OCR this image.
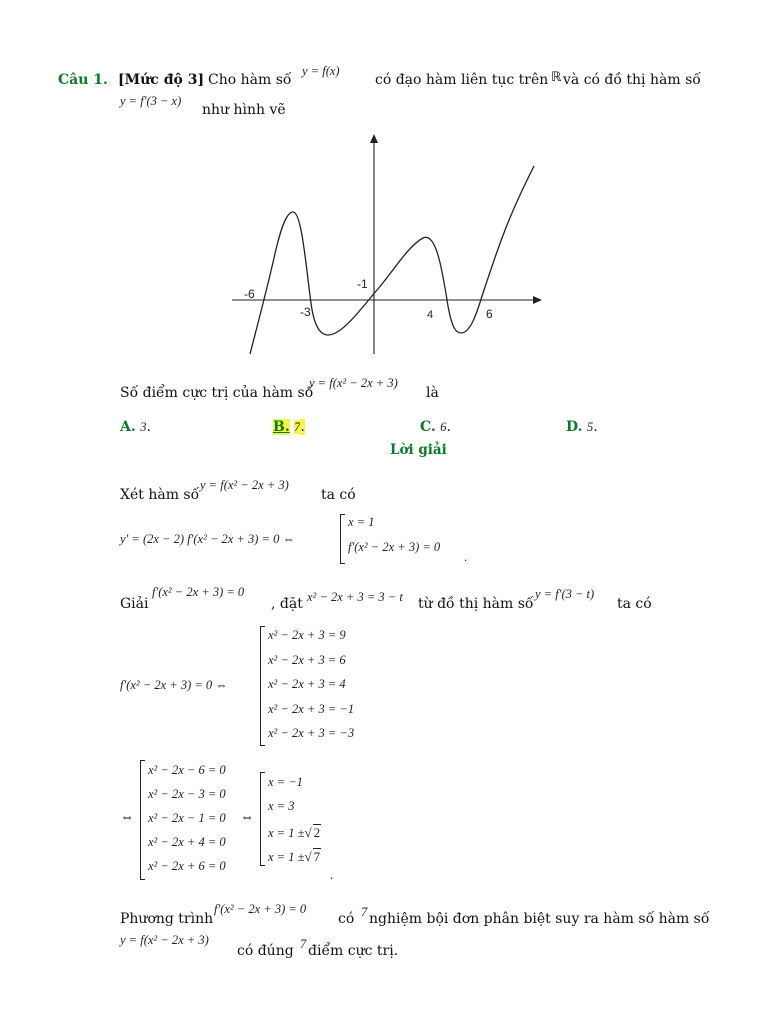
Câu 1. [Mức độ 3] Cho hàm số
y = f(x)
có đạo hàm liên tục trên ℝ và có đồ thị hàm số
y = f′(3 − x)
như hình vẽ
-6
-3	4	6
-1
Số điểm cực trị của hàm số
y = f(x² − 2x + 3)
là
A. 3.	B. 7.	C. 6.	D. 5.
Lời giải
Xét hàm số
y = f(x² − 2x + 3)
ta có
y′ = (2x − 2) f′(x² − 2x + 3) = 0 ⇔
x = 1
f′(x² − 2x + 3) = 0
.
Giải
f′(x² − 2x + 3) = 0
, đặt x² − 2x + 3 = 3 − t từ đồ thị hàm số
y = f′(3 − t)
ta có
f′(x² − 2x + 3) = 0 ⇔
x² − 2x + 3 = 9
x² − 2x + 3 = 6
x² − 2x + 3 = 4
x² − 2x + 3 = −1
x² − 2x + 3 = −3
⇔
x² − 2x − 6 = 0
x² − 2x − 3 = 0
x² − 2x − 1 = 0
x² − 2x + 4 = 0
x² − 2x + 6 = 0
⇔
x = −1
x = 3
x = 1 ±√ 2
x = 1 ±√ 7
.
Phương trình
f′(x² − 2x + 3) = 0
có 7 nghiệm bội đơn phân biệt suy ra hàm số hàm số
y = f(x² − 2x + 3)
có đúng 7 điểm cực trị.
